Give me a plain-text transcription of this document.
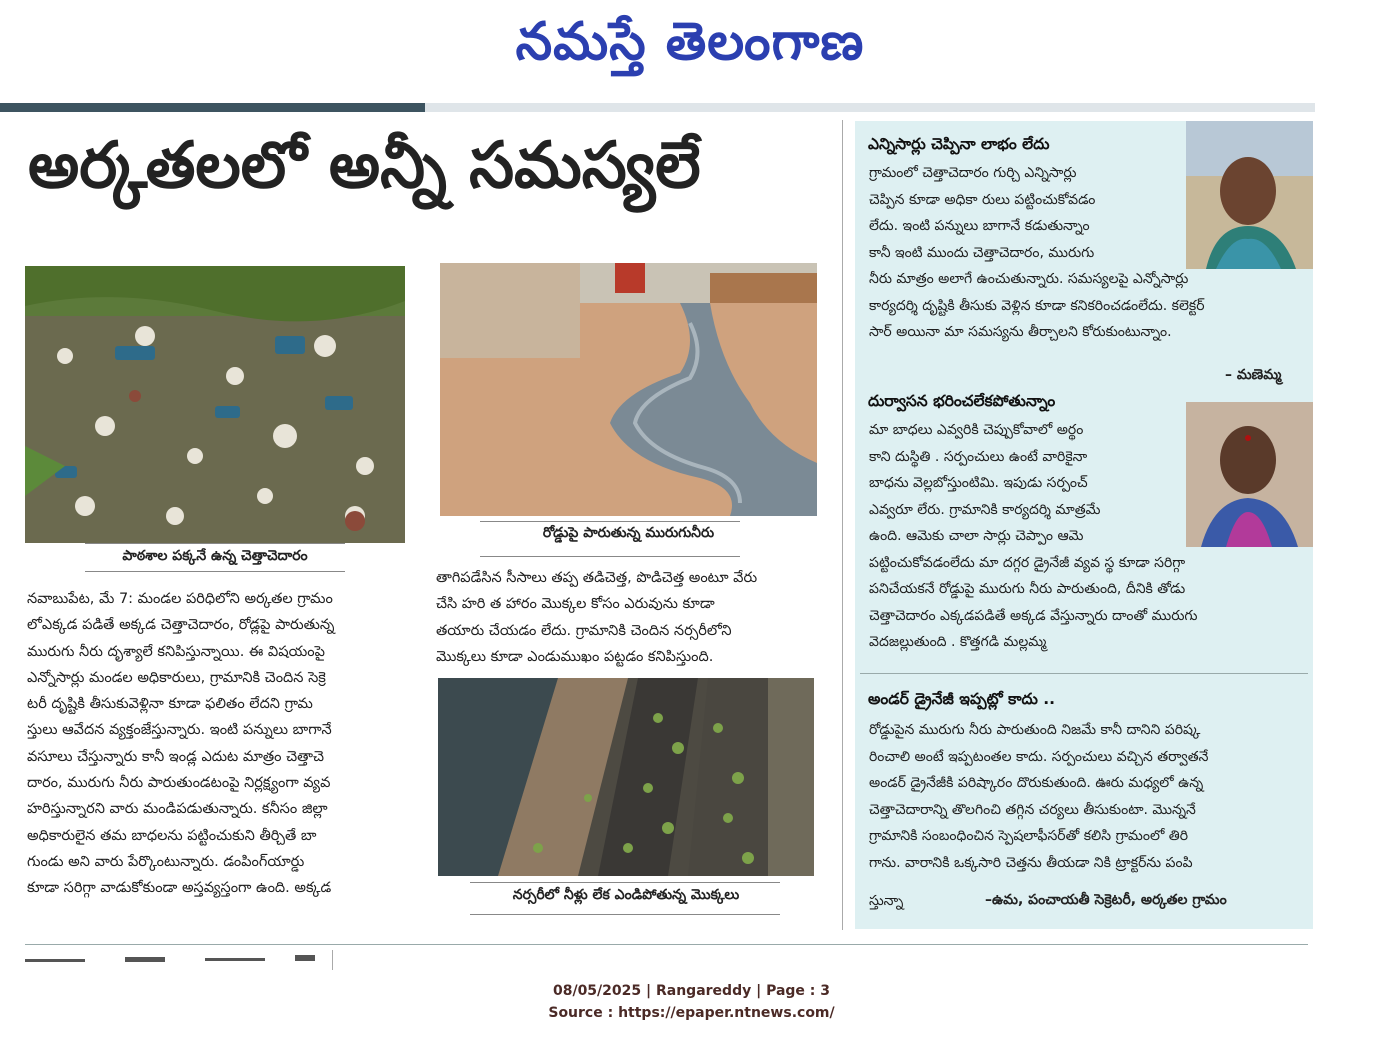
నమస్తే తెలంగాణ
అర్కతలలో అన్నీ సమస్యలే
పాఠశాల పక్కనే ఉన్న చెత్తాచెదారం
రోడ్డుపై పారుతున్న మురుగునీరు

నవాబుపేట, మే 7: మండల పరిధిలోని అర్కతల గ్రామం

లోఎక్కడ పడితే అక్కడ చెత్తాచెదారం, రోడ్లపై పారుతున్న

మురుగు నీరు దృశ్యాలే కనిపిస్తున్నాయి. ఈ విషయంపై

ఎన్నోసార్లు మండల అధికారులు, గ్రామానికి చెందిన సెక్రె

టరీ దృష్టికి తీసుకువెళ్లినా కూడా ఫలితం లేదని గ్రామ

స్తులు ఆవేదన వ్యక్తంజేస్తున్నారు. ఇంటి పన్నులు బాగానే

వసూలు చేస్తున్నారు కానీ ఇండ్ల ఎదుట మాత్రం చెత్తాచె

దారం, మురుగు నీరు పారుతుండటంపై నిర్లక్ష్యంగా వ్యవ

హరిస్తున్నారని వారు మండిపడుతున్నారు. కనీసం జిల్లా

అధికారులైన తమ బాధలను పట్టించుకుని తీర్చితే బా

గుండు అని వారు పేర్కొంటున్నారు. డంపింగ్‌యార్డు

కూడా సరిగ్గా వాడుకోకుండా అస్తవ్యస్తంగా ఉంది. అక్కడ

తాగిపడేసిన సీసాలు తప్ప తడిచెత్త, పొడిచెత్త అంటూ వేరు

చేసి హరి త హారం మొక్కల కోసం ఎరువును కూడా

తయారు చేయడం లేదు. గ్రామానికి చెందిన నర్సరీలోని

మొక్కలు కూడా ఎండుముఖం పట్టడం కనిపిస్తుంది.

నర్సరీలో నీళ్లు లేక ఎండిపోతున్న మొక్కలు
ఎన్నిసార్లు చెప్పినా లాభం లేదు

గ్రామంలో చెత్తాచెదారం గుర్చి ఎన్నిసార్లు

చెప్పిన కూడా అధికా రులు పట్టించుకోవడం

లేదు. ఇంటి పన్నులు బాగానే కడుతున్నాం

కానీ ఇంటి ముందు చెత్తాచెదారం, మురుగు

నీరు మాత్రం అలాగే ఉంచుతున్నారు. సమస్యలపై ఎన్నోసార్లు

కార్యదర్శి దృష్టికి తీసుకు వెళ్లిన కూడా కనికరించడంలేదు. కలెక్టర్

సార్ అయినా మా సమస్యను తీర్చాలని కోరుకుంటున్నాం.

– మణెమ్మ
దుర్వాసన భరించలేకపోతున్నాం

మా బాధలు ఎవ్వరికి చెప్పుకోవాలో అర్థం

కాని దుస్థితి . సర్పంచులు ఉంటే వారికైనా

బాధను వెల్లబోస్తుంటిమి. ఇపుడు సర్పంచ్

ఎవ్వరూ లేరు. గ్రామానికి కార్యదర్శి మాత్రమే

ఉంది. ఆమెకు చాలా సార్లు చెప్పాం ఆమె

పట్టించుకోవడంలేదు మా దగ్గర డ్రైనేజీ వ్యవ స్థ కూడా సరిగ్గా

పనిచేయకనే రోడ్డుపై మురుగు నీరు పారుతుంది, దీనికి తోడు

చెత్తాచెదారం ఎక్కడపడితే అక్కడ వేస్తున్నారు దాంతో మురుగు

వెదజల్లుతుంది . కొత్తగడి మల్లమ్మ

అండర్ డ్రైనేజీ ఇప్పట్లో కాదు ..

రోడ్డుపైన మురుగు నీరు పారుతుంది నిజమే కానీ దానిని పరిష్క

రించాలి అంటే ఇప్పటంతల కాదు. సర్పంచులు వచ్చిన తర్వాతనే

అండర్ డ్రైనేజీకి పరిష్కారం దొరుకుతుంది. ఊరు మధ్యలో ఉన్న

చెత్తాచెదారాన్ని తొలగించి తగ్గిన చర్యలు తీసుకుంటా. మొన్ననే

గ్రామానికి సంబంధించిన స్పెషలాఫీసర్‌తో కలిసి గ్రామంలో తిరి

గాను. వారానికి ఒక్కసారి చెత్తను తీయడా నికి ట్రాక్టర్‌ను పంపి

స్తున్నా	–ఉమ, పంచాయతీ సెక్రెటరీ, అర్కతల గ్రామం
08/05/2025 | Rangareddy | Page : 3
Source : https://epaper.ntnews.com/
